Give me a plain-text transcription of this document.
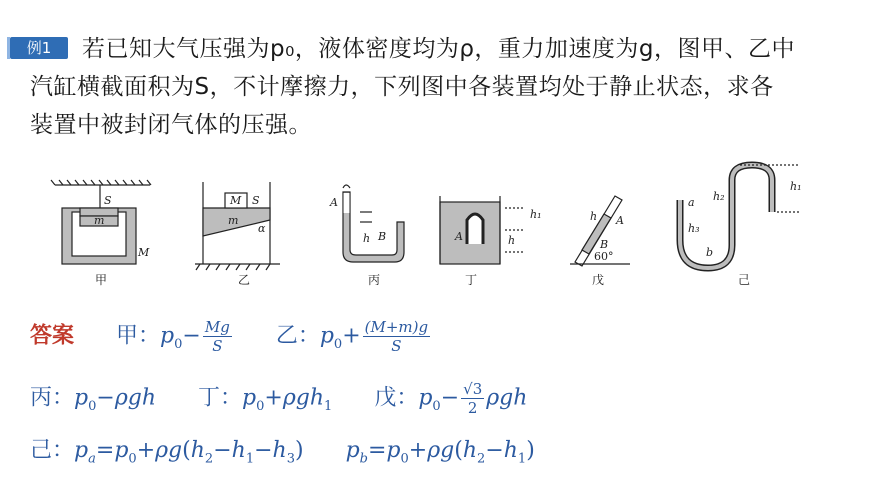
例1	若已知大气压强为p₀，液体密度均为ρ，重力加速度为g，图甲、乙中
汽缸横截面积为S，不计摩擦力，下列图中各装置均处于静止状态，求各
装置中被封闭气体的压强。
S
m
M
甲
M S
m
α
乙
A
h B
丙
h₁
A	h
丁
h A
B
60°
戊
h₂
a
h₃
b
h₁
己
答案 甲：$p_0- \frac{Mg}{S}$ 乙：$p_0+ \frac{(M+m)g}{S}$
丙：$p_0-\rho gh$ 丁：$p_0+\rho gh_1$ 戊：$p_0- \frac{√3}{2}$ ρgh
己：$p_a=p_0+\rho g(h_2-h_1-h_3)$  $p_b=p_0+\rho g(h_2-h_1)$
